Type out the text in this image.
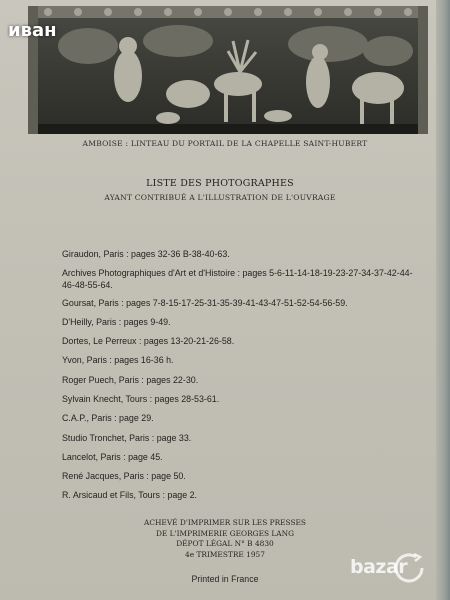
иван
AMBOISE : LINTEAU DU PORTAIL DE LA CHAPELLE SAINT-HUBERT
LISTE DES PHOTOGRAPHES
AYANT CONTRIBUÉ A L'ILLUSTRATION DE L'OUVRAGE
Giraudon, Paris : pages 32-36 B-38-40-63.
Archives Photographiques d'Art et d'Histoire : pages 5-6-11-14-18-19-23-27-34-37-42-44-46-48-55-64.
Goursat, Paris : pages 7-8-15-17-25-31-35-39-41-43-47-51-52-54-56-59.
D'Heilly, Paris : pages 9-49.
Dortes, Le Perreux : pages 13-20-21-26-58.
Yvon, Paris : pages 16-36 h.
Roger Puech, Paris : pages 22-30.
Sylvain Knecht, Tours : pages 28-53-61.
C.A.P., Paris : page 29.
Studio Tronchet, Paris : page 33.
Lancelot, Paris : page 45.
René Jacques, Paris : page 50.
R. Arsicaud et Fils, Tours : page 2.
ACHEVÉ D'IMPRIMER SUR LES PRESSES
DE L'IMPRIMERIE GEORGES LANG
DÉPOT LÉGAL N° B 4830
4e TRIMESTRE 1957
Printed in France
bazar
